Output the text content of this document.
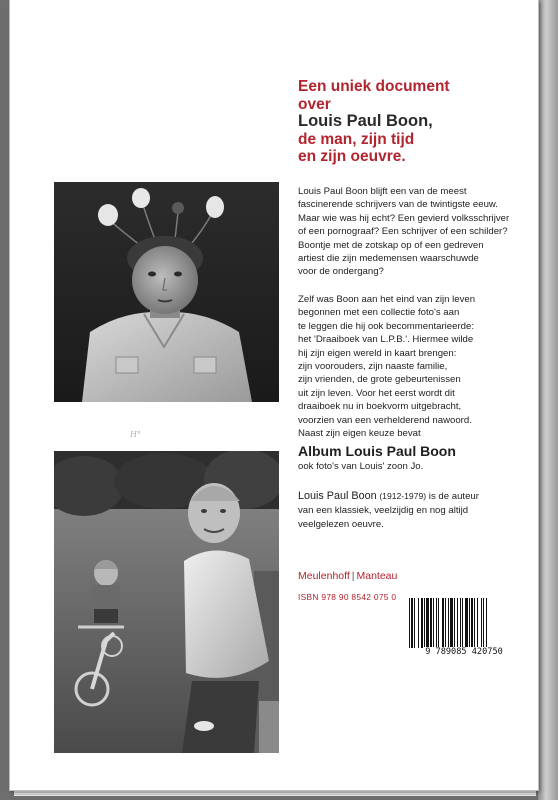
Een uniek document
over
Louis Paul Boon,
de man, zijn tijd
en zijn oeuvre.
H°
Louis Paul Boon blijft een van de meest
fascinerende schrijvers van de twintigste eeuw.
Maar wie was hij echt? Een gevierd volksschrijver
of een pornograaf? Een schrijver of een schilder?
Boontje met de zotskap op of een gedreven
artiest die zijn medemensen waarschuwde
voor de ondergang?
Zelf was Boon aan het eind van zijn leven
begonnen met een collectie foto's aan
te leggen die hij ook becommentarieerde:
het 'Draaiboek van L.P.B.'. Hiermee wilde
hij zijn eigen wereld in kaart brengen:
zijn voorouders, zijn naaste familie,
zijn vrienden, de grote gebeurtenissen
uit zijn leven. Voor het eerst wordt dit
draaiboek nu in boekvorm uitgebracht,
voorzien van een verhelderend nawoord.
Naast zijn eigen keuze bevat
Album Louis Paul Boon
ook foto's van Louis' zoon Jo.
Louis Paul Boon (1912-1979) is de auteur
van een klassiek, veelzijdig en nog altijd
veelgelezen oeuvre.
Meulenhoff | Manteau
ISBN 978 90 8542 075 0
9 789085 420750
